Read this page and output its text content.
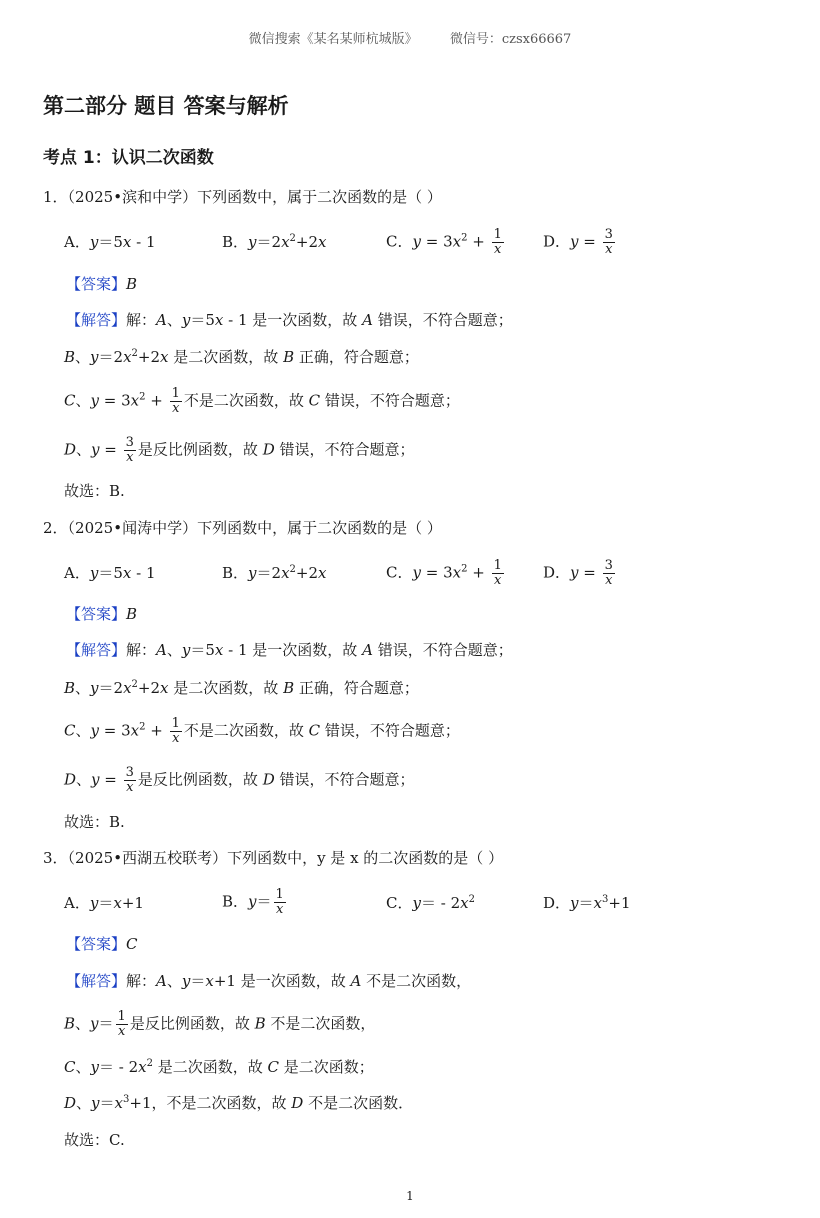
微信搜索《某名某师杭城版》 微信号：czsx66667
第二部分 题目 答案与解析
考点 1：认识二次函数
1．（2025•滨和中学）下列函数中，属于二次函数的是（ ）
A．y＝5x - 1	B．$y=2x^2+2x$	C．$y = 3x^2 + \frac{1}{x}$	D．$y = \frac{3}{x}$
【答案】B
【解答】解：A、y＝5x - 1 是一次函数，故 A 错误，不符合题意；
B、$y=2x^2+2x$ 是二次函数，故 B 正确，符合题意；
C、$y = 3x^2 + \frac{1}{x}$ 不是二次函数，故 C 错误，不符合题意；
D、$y = \frac{3}{x}$ 是反比例函数，故 D 错误，不符合题意；
故选：B.
2．（2025•闻涛中学）下列函数中，属于二次函数的是（ ）
A．y＝5x - 1	B．$y=2x^2+2x$	C．$y = 3x^2 + \frac{1}{x}$	D．$y = \frac{3}{x}$
【答案】B
【解答】解：A、y＝5x - 1 是一次函数，故 A 错误，不符合题意；
B、$y=2x^2+2x$ 是二次函数，故 B 正确，符合题意；
C、$y = 3x^2 + \frac{1}{x}$ 不是二次函数，故 C 错误，不符合题意；
D、$y = \frac{3}{x}$ 是反比例函数，故 D 错误，不符合题意；
故选：B.
3．（2025•西湖五校联考）下列函数中，y 是 x 的二次函数的是（ ）
A．y＝x+1	B．$y= \frac{1}{x}$	C．$y= - 2x^2$	D．$y=x^3+1$
【答案】C
【解答】解：A、y＝x+1 是一次函数，故 A 不是二次函数，
B、$y= \frac{1}{x}$ 是反比例函数，故 B 不是二次函数，
C、$y= - 2x^2$ 是二次函数，故 C 是二次函数；
D、$y=x^3+1$，不是二次函数，故 D 不是二次函数．
故选：C.
1
